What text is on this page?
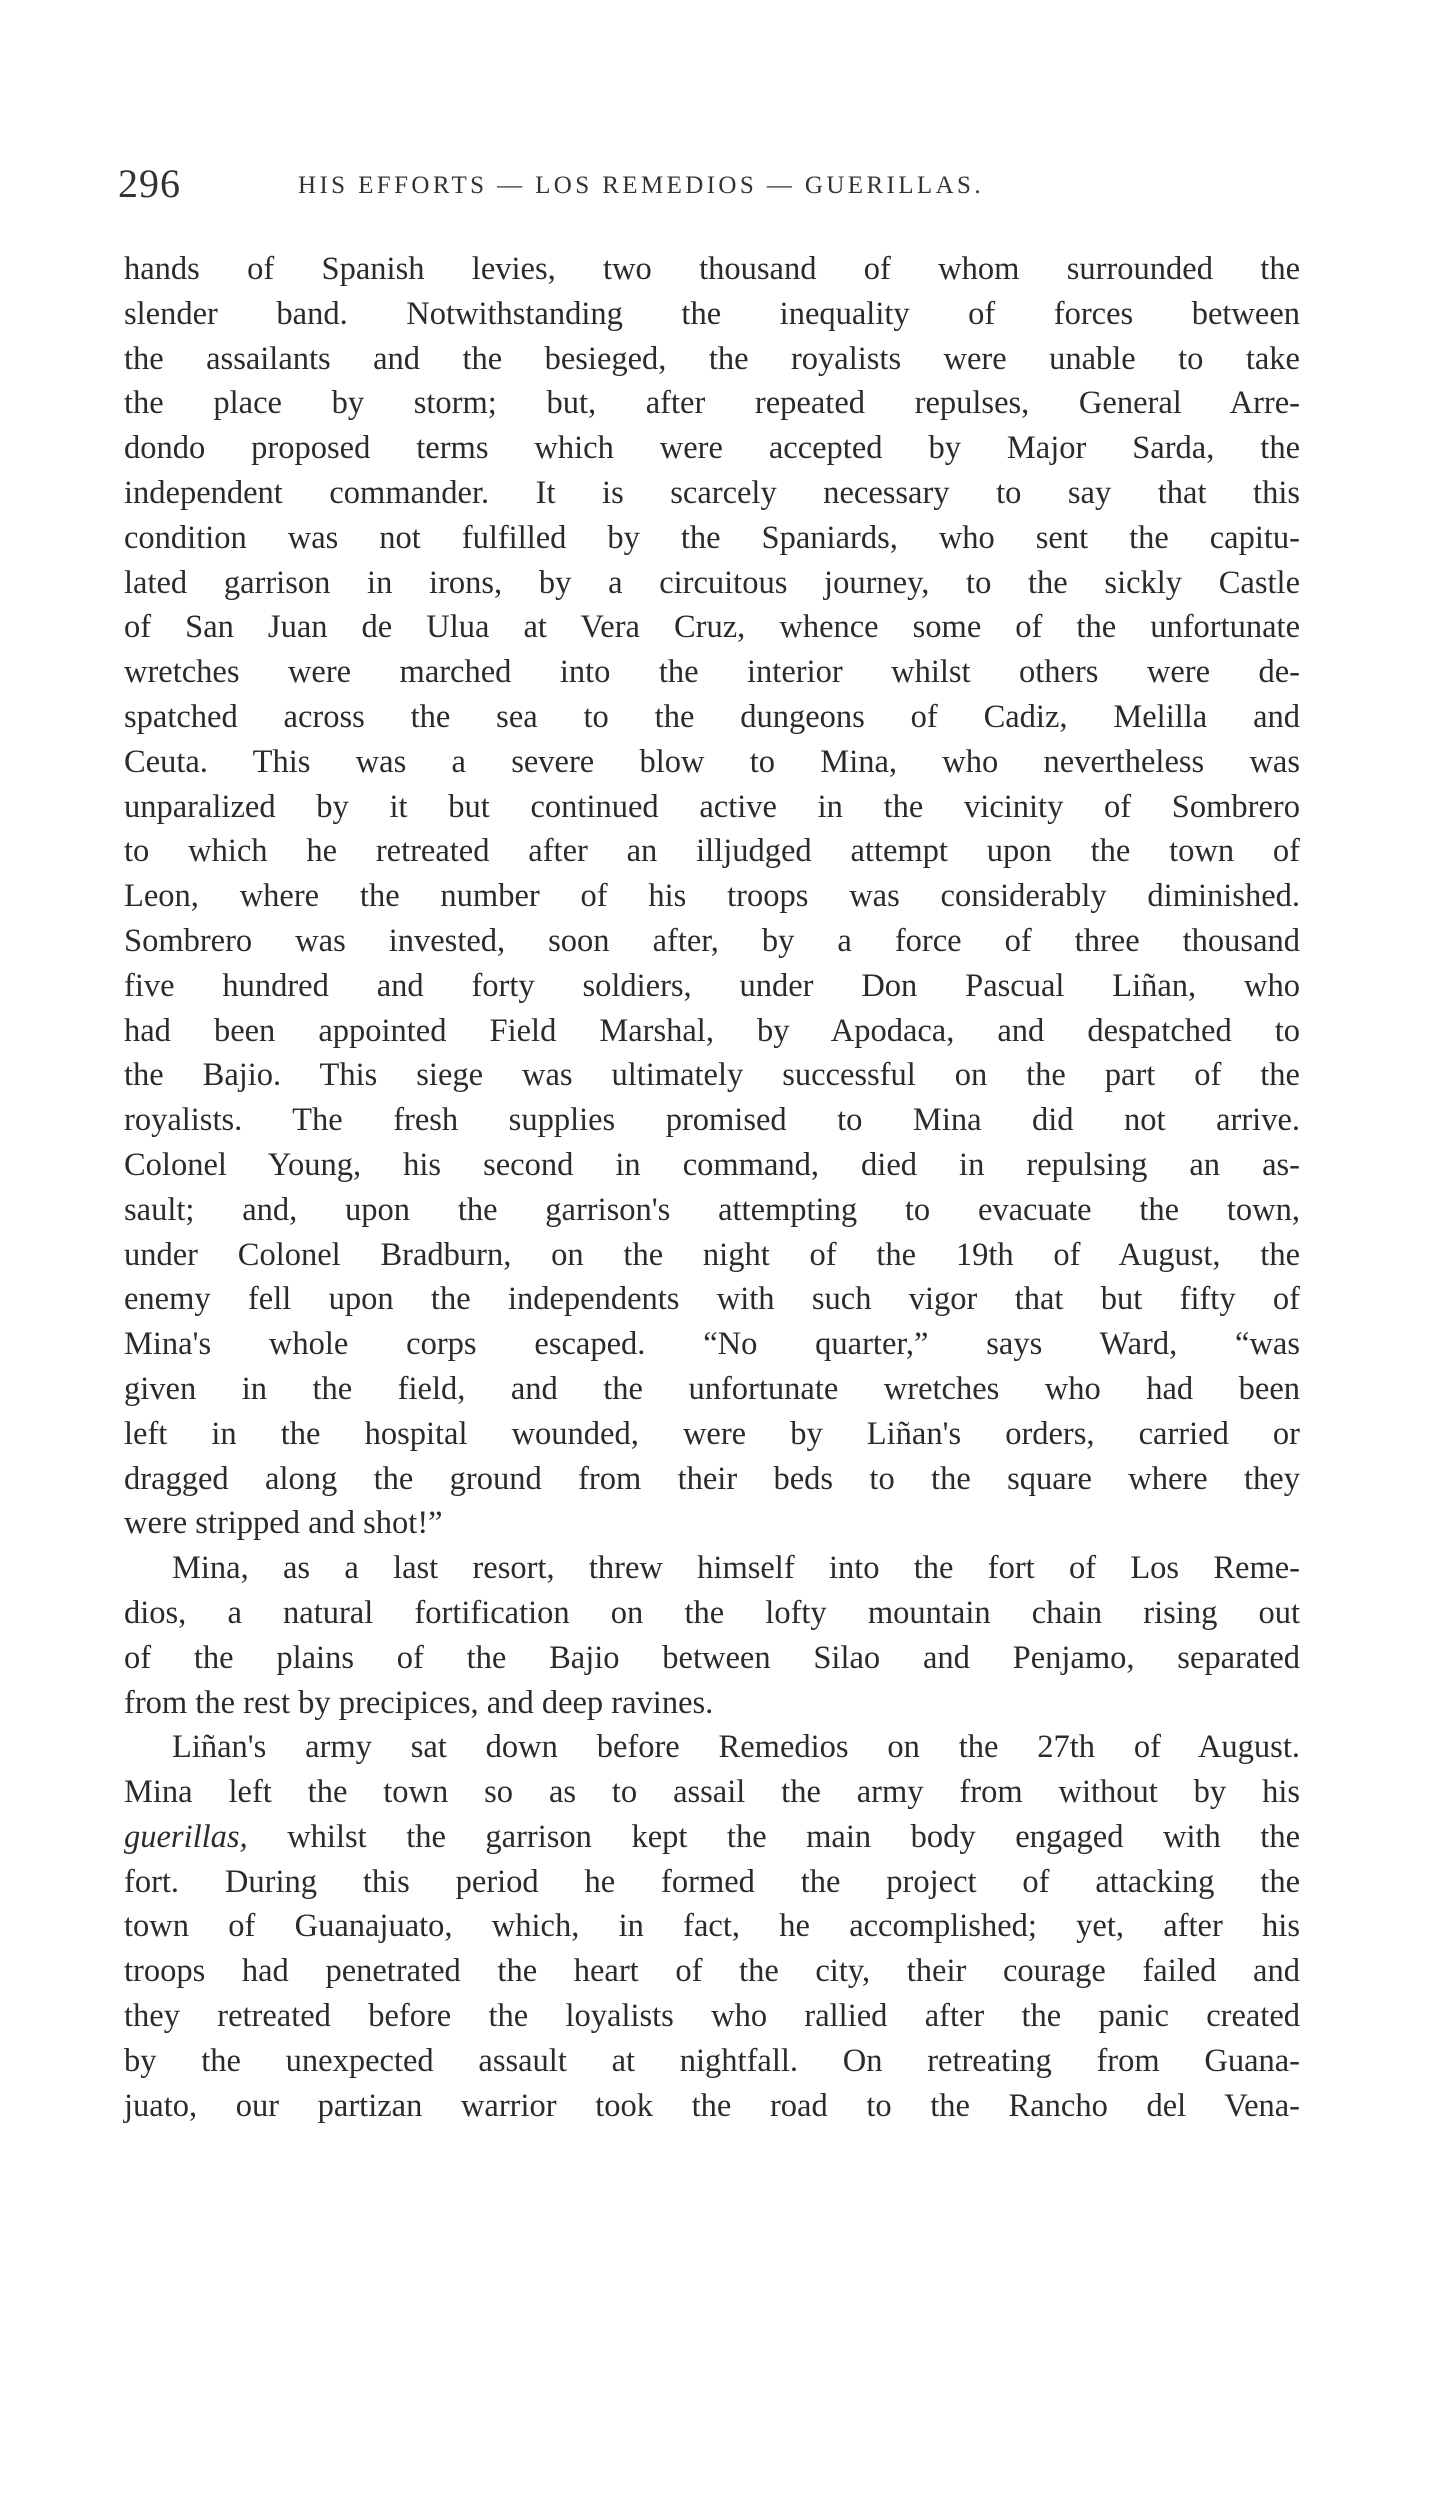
296	HIS EFFORTS — LOS REMEDIOS — GUERILLAS.
hands of Spanish levies, two thousand of whom surrounded the
slender band. Notwithstanding the inequality of forces between
the assailants and the besieged, the royalists were unable to take
the place by storm; but, after repeated repulses, General Arre-
dondo proposed terms which were accepted by Major Sarda, the
independent commander. It is scarcely necessary to say that this
condition was not fulfilled by the Spaniards, who sent the capitu-
lated garrison in irons, by a circuitous journey, to the sickly Castle
of San Juan de Ulua at Vera Cruz, whence some of the unfortunate
wretches were marched into the interior whilst others were de-
spatched across the sea to the dungeons of Cadiz, Melilla and
Ceuta. This was a severe blow to Mina, who nevertheless was
unparalized by it but continued active in the vicinity of Sombrero
to which he retreated after an illjudged attempt upon the town of
Leon, where the number of his troops was considerably diminished.
Sombrero was invested, soon after, by a force of three thousand
five hundred and forty soldiers, under Don Pascual Liñan, who
had been appointed Field Marshal, by Apodaca, and despatched to
the Bajio. This siege was ultimately successful on the part of the
royalists. The fresh supplies promised to Mina did not arrive.
Colonel Young, his second in command, died in repulsing an as-
sault; and, upon the garrison's attempting to evacuate the town,
under Colonel Bradburn, on the night of the 19th of August, the
enemy fell upon the independents with such vigor that but fifty of
Mina's whole corps escaped. “No quarter,” says Ward, “was
given in the field, and the unfortunate wretches who had been
left in the hospital wounded, were by Liñan's orders, carried or
dragged along the ground from their beds to the square where they
were stripped and shot!”
Mina, as a last resort, threw himself into the fort of Los Reme-
dios, a natural fortification on the lofty mountain chain rising out
of the plains of the Bajio between Silao and Penjamo, separated
from the rest by precipices, and deep ravines.
Liñan's army sat down before Remedios on the 27th of August.
Mina left the town so as to assail the army from without by his
guerillas, whilst the garrison kept the main body engaged with the
fort. During this period he formed the project of attacking the
town of Guanajuato, which, in fact, he accomplished; yet, after his
troops had penetrated the heart of the city, their courage failed and
they retreated before the loyalists who rallied after the panic created
by the unexpected assault at nightfall. On retreating from Guana-
juato, our partizan warrior took the road to the Rancho del Vena-
